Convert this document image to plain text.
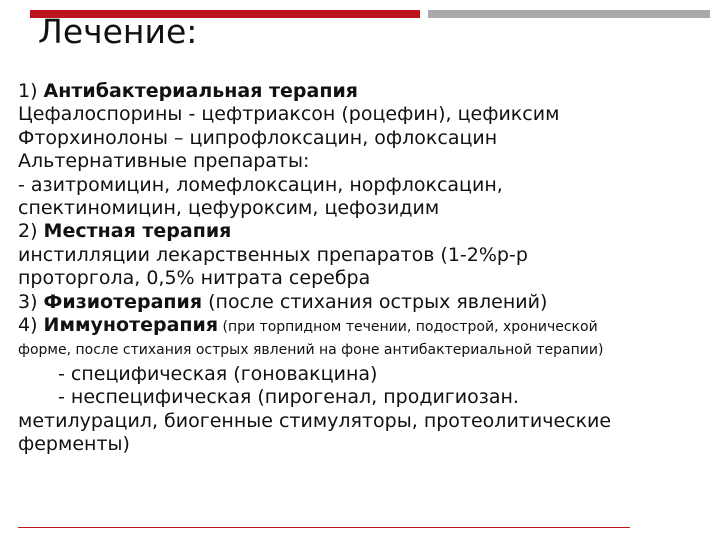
Лечение:
1) Антибактериальная терапия
Цефалоспорины - цефтриаксон (роцефин), цефиксим
Фторхинолоны – ципрофлоксацин, офлоксацин
Альтернативные препараты:
- азитромицин, ломефлоксацин, норфлоксацин,
спектиномицин, цефуроксим, цефозидим
2) Местная терапия
инстилляции лекарственных препаратов (1-2%р-р
проторгола, 0,5% нитрата серебра
3) Физиотерапия (после стихания острых явлений)
4) Иммунотерапия (при торпидном течении, подострой, хронической
форме, после стихания острых явлений на фоне антибактериальной терапии)
- специфическая (гоновакцина)
- неспецифическая (пирогенал, продигиозан.
метилурацил, биогенные стимуляторы, протеолитические
ферменты)
